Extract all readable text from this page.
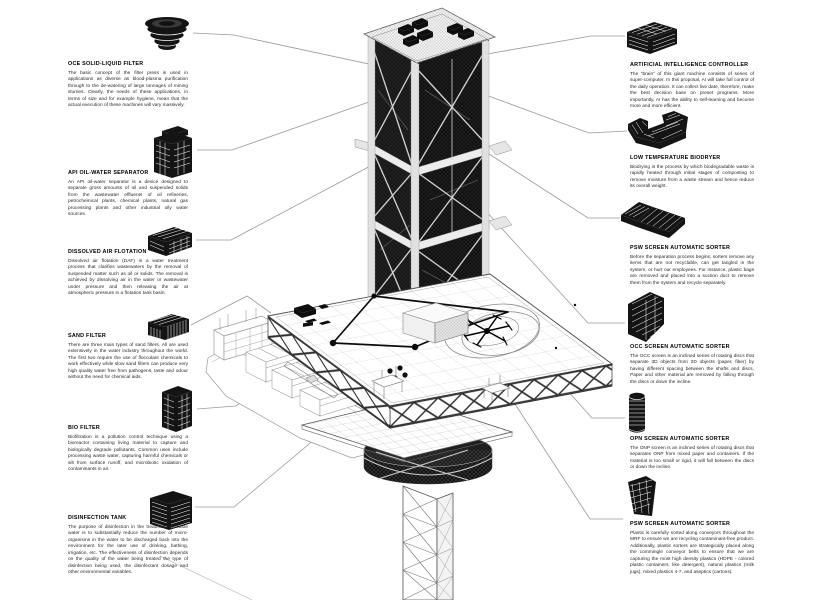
OCE SOLID-LIQUID FILTER
The basic concept of the filter press is used in applications as diverse as blood-plasma purification through to the de-watering of large tonnages of mining slurries. Clearly, the needs of these applications, in terms of size and for example hygiene, mean that the actual execution of these machines will vary massively.
API OIL-WATER SEPARATOR
An API oil-water separator is a device designed to separate gross amounts of oil and suspended solids from the wastewater effluents of oil refineries, petrochemical plants, chemical plants, natural gas processing plants and other industrial oily water sources.
DISSOLVED AIR FLOTATION
Dissolved air flotation (DAF) is a water treatment process that clarifies wastewaters by the removal of suspended matter such as oil or solids. The removal is achieved by dissolving air in the water or wastewater under pressure and then releasing the air at atmospheric pressure in a flotation tank basin.
SAND FILTER
There are three main types of sand filters. All are used extensively in the water industry throughout the world. The first two require the use of flocculant chemicals to work effectively while slow sand filters can produce very high quality water free from pathogens, taste and odour without the need for chemical aids.
BIO FILTER
Biofiltration is a pollution control technique using a bioreactor containing living material to capture and biologically degrade pollutants. Common uses include processing waste water, capturing harmful chemicals or silt from surface runoff, and microbiotic oxidation of contaminants in air.
DISINFECTION TANK
The purpose of disinfection in the treatment of waste water is to substantially reduce the number of micro-organisms in the water to be discharged back into the environment for the later use of drinking, bathing, irrigation, etc. The effectiveness of disinfection depends on the quality of the water being treated the type of disinfection being used, the disinfectant dosage and other environmental variables.
ARTIFICIAL INTELLIGENCE CONTROLLER
The “brain” of this giant machine consists of series of super-computer. In this proposal, AI will take full control of the daily operation. It can collect live date, therefore, make the best decision base on preset programs. More importantly, AI has the ability to self-learning and become more and more efficient.
LOW TEMPERATURE BIODRYER
Biodrying is the process by which biodegradable waste is rapidly heated through initial stages of composting to remove moisture from a waste stream and hence reduce its overall weight.
PSW SCREEN AUTOMATIC SORTER
Before the separation process begins, sorters remove any items that are not recyclable, can get tangled in the system, or hurt our employees. For instance, plastic bags are removed and placed into a suction duct to remove them from the system and recycle separately.
OCC SCREEN AUTOMATIC SORTER
The OCC screen is an inclined series of rotating discs that separate 3D objects from 2D objects (paper, fiber) by having different spacing between the shafts and discs. Paper and other material are removed by falling through the discs or down the incline.
OPN SCREEN AUTOMATIC SORTER
The ONP screen is an inclined series of rotating discs that separates ONP from mixed paper and containers. If the material is too small or rigid, it will fall between the discs or down the incline.
PSW SCREEN AUTOMATIC SORTER
Plastic is carefully sorted along conveyors throughout the MRF to ensure we are recycling contaminant-free product. Additionally, plastic sorters are strategically placed along the commingle conveyor belts to ensure that we are capturing the most high density plastics (HDPE - colored plastic containers, like detergent), natural plastics (milk jugs), mixed plastics 4-7, and aseptics (cartons).
